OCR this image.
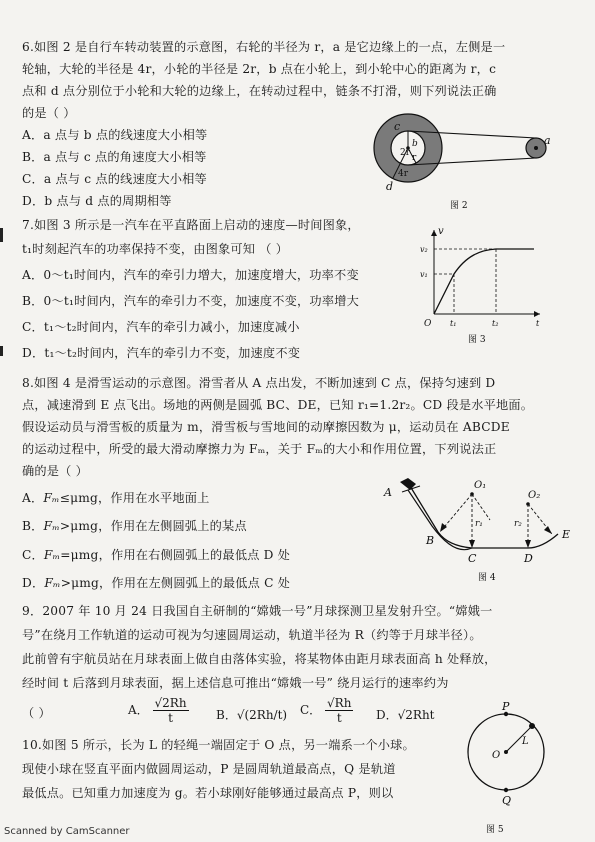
6.如图 2 是自行车转动装置的示意图，右轮的半径为 r，a 是它边缘上的一点，左侧是一
轮轴，大轮的半径是 4r，小轮的半径是 2r，b 点在小轮上，到小轮中心的距离为 r，c
点和 d 点分别位于小轮和大轮的边缘上，在转动过程中，链条不打滑，则下列说法正确
的是（ ）
A．a 点与 b 点的线速度大小相等
B．a 点与 c 点的角速度大小相等
C．a 点与 c 点的线速度大小相等
D．b 点与 d 点的周期相等
c
2r
b
r
4r
d
a
图 2
7.如图 3 所示是一汽车在平直路面上启动的速度—时间图象，
t₁时刻起汽车的功率保持不变，由图象可知 （ ）
A．0～t₁时间内，汽车的牵引力增大，加速度增大，功率不变
B．0～t₁时间内，汽车的牵引力不变，加速度不变，功率增大
C．t₁～t₂时间内，汽车的牵引力减小，加速度减小
D．t₁～t₂时间内，汽车的牵引力不变，加速度不变
v
v₂
v₁
O t₁	t₂	t
图 3
8.如图 4 是滑雪运动的示意图。滑雪者从 A 点出发，不断加速到 C 点，保持匀速到 D
点，减速滑到 E 点飞出。场地的两侧是圆弧 BC、DE，已知 r₁=1.2r₂。CD 段是水平地面。
假设运动员与滑雪板的质量为 m，滑雪板与雪地间的动摩擦因数为 μ，运动员在 ABCDE
的运动过程中，所受的最大滑动摩擦力为 Fₘ，关于 Fₘ的大小和作用位置，下列说法正
确的是（ ）
A．Fₘ≤μmg，作用在水平地面上
B．Fₘ>μmg，作用在左侧圆弧上的某点
C．Fₘ=μmg，作用在右侧圆弧上的最低点 D 处
D．Fₘ>μmg，作用在左侧圆弧上的最低点 C 处
A
B
C	D
E
O₁
O₂
r₁	r₂
图 4
9．2007 年 10 月 24 日我国自主研制的“嫦娥一号”月球探测卫星发射升空。“嫦娥一
号”在绕月工作轨道的运动可视为匀速圆周运动，轨道半径为 R（约等于月球半径）。
此前曾有宇航员站在月球表面上做自由落体实验，将某物体由距月球表面高 h 处释放，
经时间 t 后落到月球表面，据上述信息可推出“嫦娥一号” 绕月运行的速率约为
（ ）	A． $\frac{√2Rh}{t}$ B．√(2Rh/t) C． $\frac{√Rh}{t}$ D．√2Rht
10.如图 5 所示，长为 L 的轻绳一端固定于 O 点，另一端系一个小球。
现使小球在竖直平面内做圆周运动，P 是圆周轨道最高点，Q 是轨道
最低点。已知重力加速度为 g。若小球刚好能够通过最高点 P，则以
P
Q
O
L
图 5
Scanned by CamScanner
